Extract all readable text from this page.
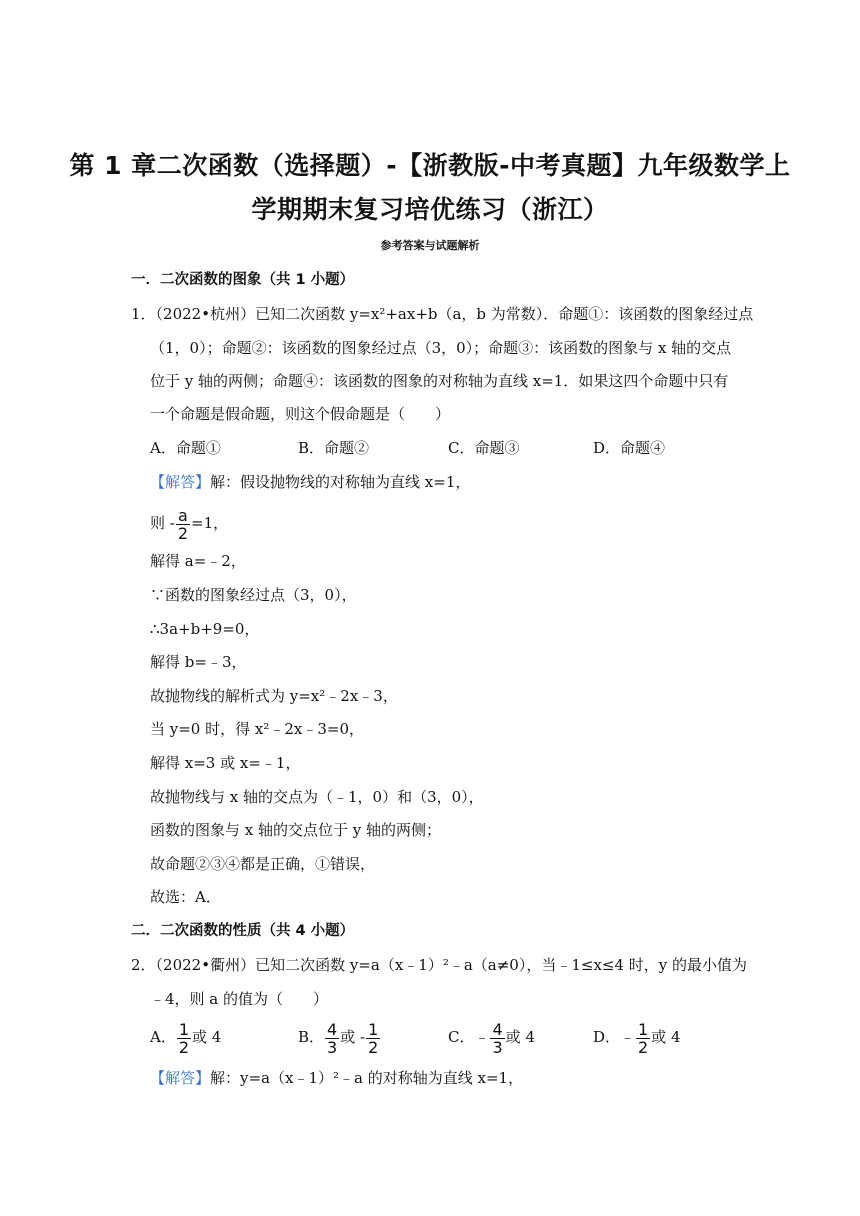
第 1 章二次函数（选择题）-【浙教版-中考真题】九年级数学上
学期期末复习培优练习（浙江）
参考答案与试题解析
一．二次函数的图象（共 1 小题）
1．（2022•杭州）已知二次函数 y=x²+ax+b（a，b 为常数）．命题①：该函数的图象经过点
（1，0）；命题②：该函数的图象经过点（3，0）；命题③：该函数的图象与 x 轴的交点
位于 y 轴的两侧；命题④：该函数的图象的对称轴为直线 x=1．如果这四个命题中只有
一个命题是假命题，则这个假命题是（　　）
A．命题①	B．命题②	C．命题③	D．命题④
【解答】解：假设抛物线的对称轴为直线 x=1，
则 - $\frac{a}{2} =1$，
解得 a=﹣2，
∵函数的图象经过点（3，0），
∴3a+b+9=0，
解得 b=﹣3，
故抛物线的解析式为 y=x²﹣2x﹣3，
当 y=0 时，得 x²﹣2x﹣3=0，
解得 x=3 或 x=﹣1，
故抛物线与 x 轴的交点为（﹣1，0）和（3，0），
函数的图象与 x 轴的交点位于 y 轴的两侧；
故命题②③④都是正确，①错误，
故选：A．
二．二次函数的性质（共 4 小题）
2．（2022•衢州）已知二次函数 y=a（x﹣1）²﹣a（a≠0），当﹣1≤x≤4 时，y 的最小值为
﹣4，则 a 的值为（　　）
A． $\frac{1}{2}$ 或 4	B． $\frac{4}{3}$ 或 - $\frac{1}{2}$	C．﹣ $\frac{4}{3}$ 或 4	D．﹣ $\frac{1}{2}$ 或 4
【解答】解：y=a（x﹣1）²﹣a 的对称轴为直线 x=1，
